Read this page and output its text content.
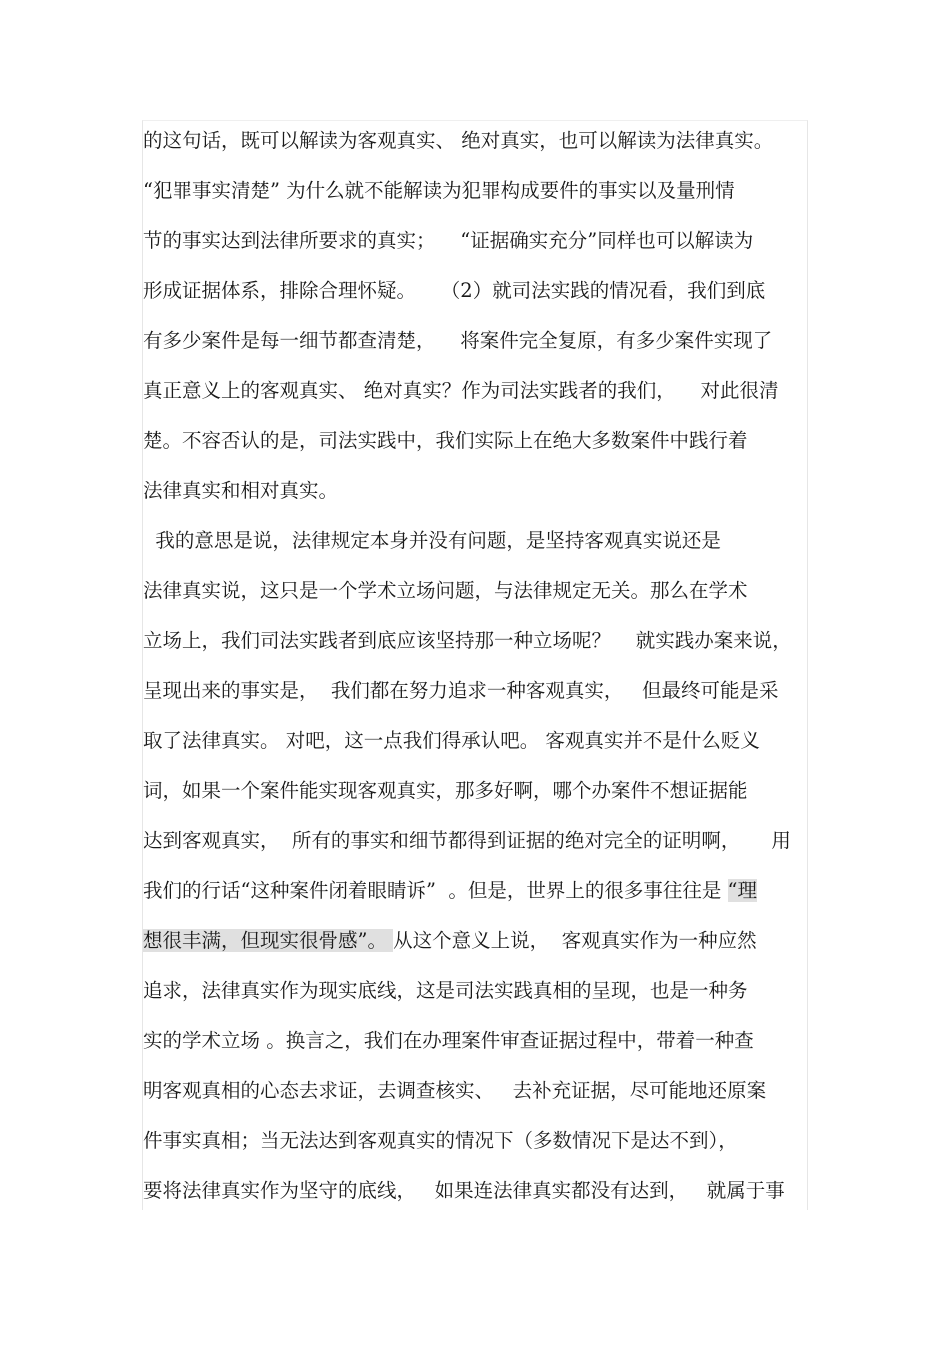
的这句话，既可以解读为客观真实、 绝对真实，也可以解读为法律真实。
“犯罪事实清楚” 为什么就不能解读为犯罪构成要件的事实以及量刑情
节的事实达到法律所要求的真实；    “证据确实充分”同样也可以解读为
形成证据体系，排除合理怀疑。    （2）就司法实践的情况看，我们到底
有多少案件是每一细节都查清楚，    将案件完全复原，有多少案件实现了
真正意义上的客观真实、 绝对真实？作为司法实践者的我们，    对此很清
楚。不容否认的是，司法实践中，我们实际上在绝大多数案件中践行着
法律真实和相对真实。
我的意思是说，法律规定本身并没有问题，是坚持客观真实说还是
法律真实说，这只是一个学术立场问题，与法律规定无关。那么在学术
立场上，我们司法实践者到底应该坚持那一种立场呢？    就实践办案来说，
呈现出来的事实是，  我们都在努力追求一种客观真实，   但最终可能是采
取了法律真实。 对吧，这一点我们得承认吧。 客观真实并不是什么贬义
词，如果一个案件能实现客观真实，那多好啊，哪个办案件不想证据能
达到客观真实，  所有的事实和细节都得到证据的绝对完全的证明啊，     用
我们的行话“这种案件闭着眼睛诉”  。但是，世界上的很多事往往是 “理
想很丰满，但现实很骨感”。 从这个意义上说，  客观真实作为一种应然
追求，法律真实作为现实底线，这是司法实践真相的呈现，也是一种务
实的学术立场 。换言之，我们在办理案件审查证据过程中，带着一种查
明客观真相的心态去求证，去调查核实、   去补充证据，尽可能地还原案
件事实真相；当无法达到客观真实的情况下（多数情况下是达不到），
要将法律真实作为坚守的底线，   如果连法律真实都没有达到，   就属于事
